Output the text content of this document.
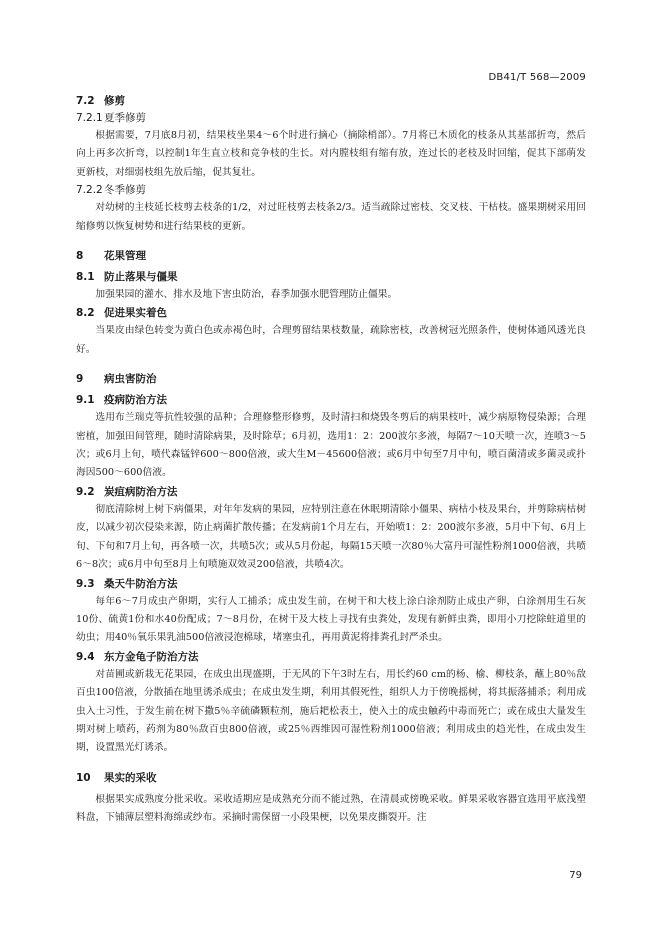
DB41/T 568—2009
7.2 修剪
7.2.1夏季修剪

根据需要，7月底8月初，结果枝坐果4～6个时进行摘心（摘除梢部）。7月将已木质化的枝条从其基部折弯，然后向上再多次折弯，以控制1年生直立枝和竞争枝的生长。对内膛枝组有缩有放，连过长的老枝及时回缩，促其下部萌发更新枝，对细弱枝组先放后缩，促其复壮。

7.2.2冬季修剪

对幼树的主枝延长枝剪去枝条的1/2，对过旺枝剪去枝条2/3。适当疏除过密枝、交叉枝、干枯枝。盛果期树采用回缩修剪以恢复树势和进行结果枝的更新。

8 花果管理
8.1 防止落果与僵果

加强果园的灌水、排水及地下害虫防治，春季加强水肥管理防止僵果。

8.2 促进果实着色

当果皮由绿色转变为黄白色或赤褐色时，合理剪留结果枝数量，疏除密枝，改善树冠光照条件，使树体通风透光良好。

9 病虫害防治
9.1 疫病防治方法

选用布兰瑞克等抗性较强的品种；合理修整形修剪，及时清扫和烧毁冬剪后的病果枝叶，减少病原物侵染源；合理密植，加强田间管理，随时清除病果，及时除草；6月初，选用1：2：200波尔多液，每隔7～10天喷一次，连喷3～5次；或6月上旬，喷代森锰锌600～800倍液，或大生M－45600倍液；或6月中旬至7月中旬，喷百菌清或多菌灵或扑海因500～600倍液。

9.2 炭疽病防治方法

彻底清除树上树下病僵果，对年年发病的果园，应特别注意在休眠期清除小僵果、病枯小枝及果台，并剪除病枯树皮，以减少初次侵染来源，防止病菌扩散传播；在发病前1个月左右，开始喷1：2：200波尔多液，5月中下旬、6月上旬、下旬和7月上旬，再各喷一次，共喷5次；或从5月份起，每隔15天喷一次80％大富丹可湿性粉剂1000倍液，共喷6～8次；或6月中旬至8月上旬喷施双效灵200倍液，共喷4次。

9.3 桑天牛防治方法

每年6～7月成虫产卵期，实行人工捕杀；成虫发生前，在树干和大枝上涂白涂剂防止成虫产卵，白涂剂用生石灰10份、硫黄1份和水40份配成；7～8月份，在树干及大枝上寻找有虫粪处，发现有新鲜虫粪，即用小刀挖除蛀道里的幼虫；用40％氧乐果乳油500倍液浸泡棉球，堵塞虫孔，再用黄泥将排粪孔封严杀虫。

9.4 东方金龟子防治方法

对苗圃或新栽无花果园，在成虫出现盛期，于无风的下午3时左右，用长约60 cm的杨、榆、柳枝条，蘸上80％敌百虫100倍液，分散插在地里诱杀成虫；在成虫发生期，利用其假死性，组织人力于傍晚摇树，将其振落捕杀；利用成虫入土习性，于发生前在树下撒5％辛硫磷颗粒剂，施后耙松表土，使入土的成虫触药中毒而死亡；或在成虫大量发生期对树上喷药，药剂为80％敌百虫800倍液，或25％西维因可湿性粉剂1000倍液；利用成虫的趋光性，在成虫发生期，设置黑光灯诱杀。

10 果实的采收

根据果实成熟度分批采收。采收适期应是成熟充分而不能过熟，在清晨或傍晚采收。鲜果采收容器宜选用平底浅塑料盘，下铺薄层塑料海绵或纱布。采摘时需保留一小段果梗，以免果皮撕裂开。注

79
